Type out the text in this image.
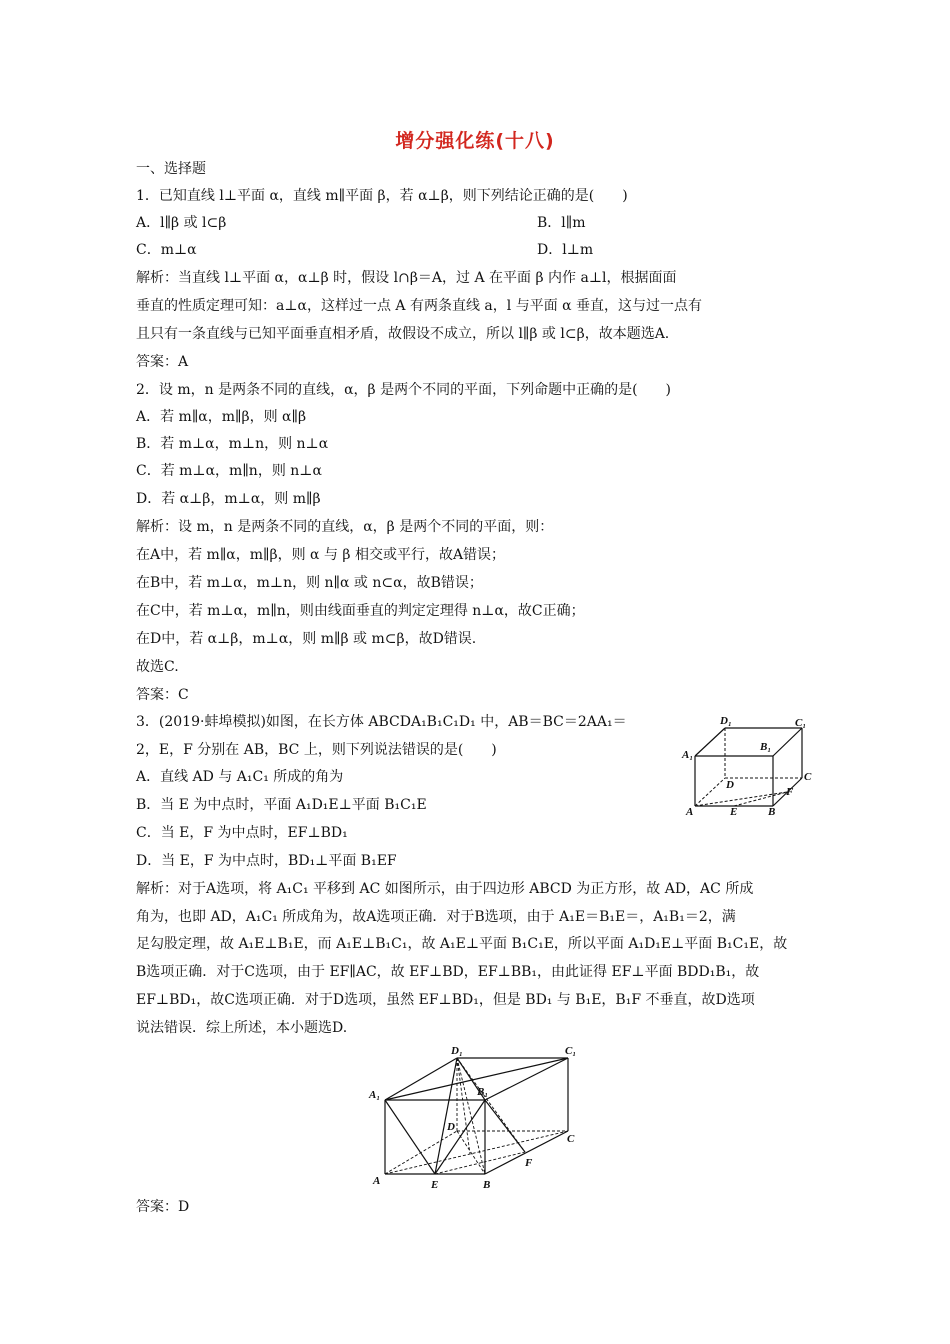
增分强化练(十八)
一、选择题
1．已知直线 l⊥平面 α，直线 m∥平面 β，若 α⊥β，则下列结论正确的是(　　)
A．l∥β 或 l⊂β	B．l∥m
C．m⊥α	D．l⊥m
解析：当直线 l⊥平面 α，α⊥β 时，假设 l∩β＝A，过 A 在平面 β 内作 a⊥l，根据面面
垂直的性质定理可知：a⊥α，这样过一点 A 有两条直线 a，l 与平面 α 垂直，这与过一点有
且只有一条直线与已知平面垂直相矛盾，故假设不成立，所以 l∥β 或 l⊂β，故本题选A.
答案：A
2．设 m，n 是两条不同的直线，α，β 是两个不同的平面，下列命题中正确的是(　　)
A．若 m∥α，m∥β，则 α∥β
B．若 m⊥α，m⊥n，则 n⊥α
C．若 m⊥α，m∥n，则 n⊥α
D．若 α⊥β，m⊥α，则 m∥β
解析：设 m，n 是两条不同的直线，α，β 是两个不同的平面，则：
在A中，若 m∥α，m∥β，则 α 与 β 相交或平行，故A错误；
在B中，若 m⊥α，m⊥n，则 n∥α 或 n⊂α，故B错误；
在C中，若 m⊥α，m∥n，则由线面垂直的判定定理得 n⊥α，故C正确；
在D中，若 α⊥β，m⊥α，则 m∥β 或 m⊂β，故D错误.
故选C.
答案：C
3．(2019·蚌埠模拟)如图，在长方体 ABCDA₁B₁C₁D₁ 中，AB＝BC＝2AA₁＝
2，E，F 分别在 AB，BC 上，则下列说法错误的是(　　)
A．直线 AD 与 A₁C₁ 所成的角为
B．当 E 为中点时，平面 A₁D₁E⊥平面 B₁C₁E
C．当 E，F 为中点时，EF⊥BD₁
D．当 E，F 为中点时，BD₁⊥平面 B₁EF
解析：对于A选项，将 A₁C₁ 平移到 AC 如图所示，由于四边形 ABCD 为正方形，故 AD，AC 所成
角为，也即 AD，A₁C₁ 所成角为，故A选项正确．对于B选项，由于 A₁E＝B₁E＝，A₁B₁＝2，满
足勾股定理，故 A₁E⊥B₁E，而 A₁E⊥B₁C₁，故 A₁E⊥平面 B₁C₁E，所以平面 A₁D₁E⊥平面 B₁C₁E，故
B选项正确．对于C选项，由于 EF∥AC，故 EF⊥BD，EF⊥BB₁，由此证得 EF⊥平面 BDD₁B₁，故
EF⊥BD₁，故C选项正确．对于D选项，虽然 EF⊥BD₁，但是 BD₁ 与 B₁E，B₁F 不垂直，故D选项
说法错误．综上所述，本小题选D.
答案：D
D₁	C₁
A₁
B₁
D
C
F
A	E	B
D₁	C₁
A₁	B₁
D
C
F
A	E	B
